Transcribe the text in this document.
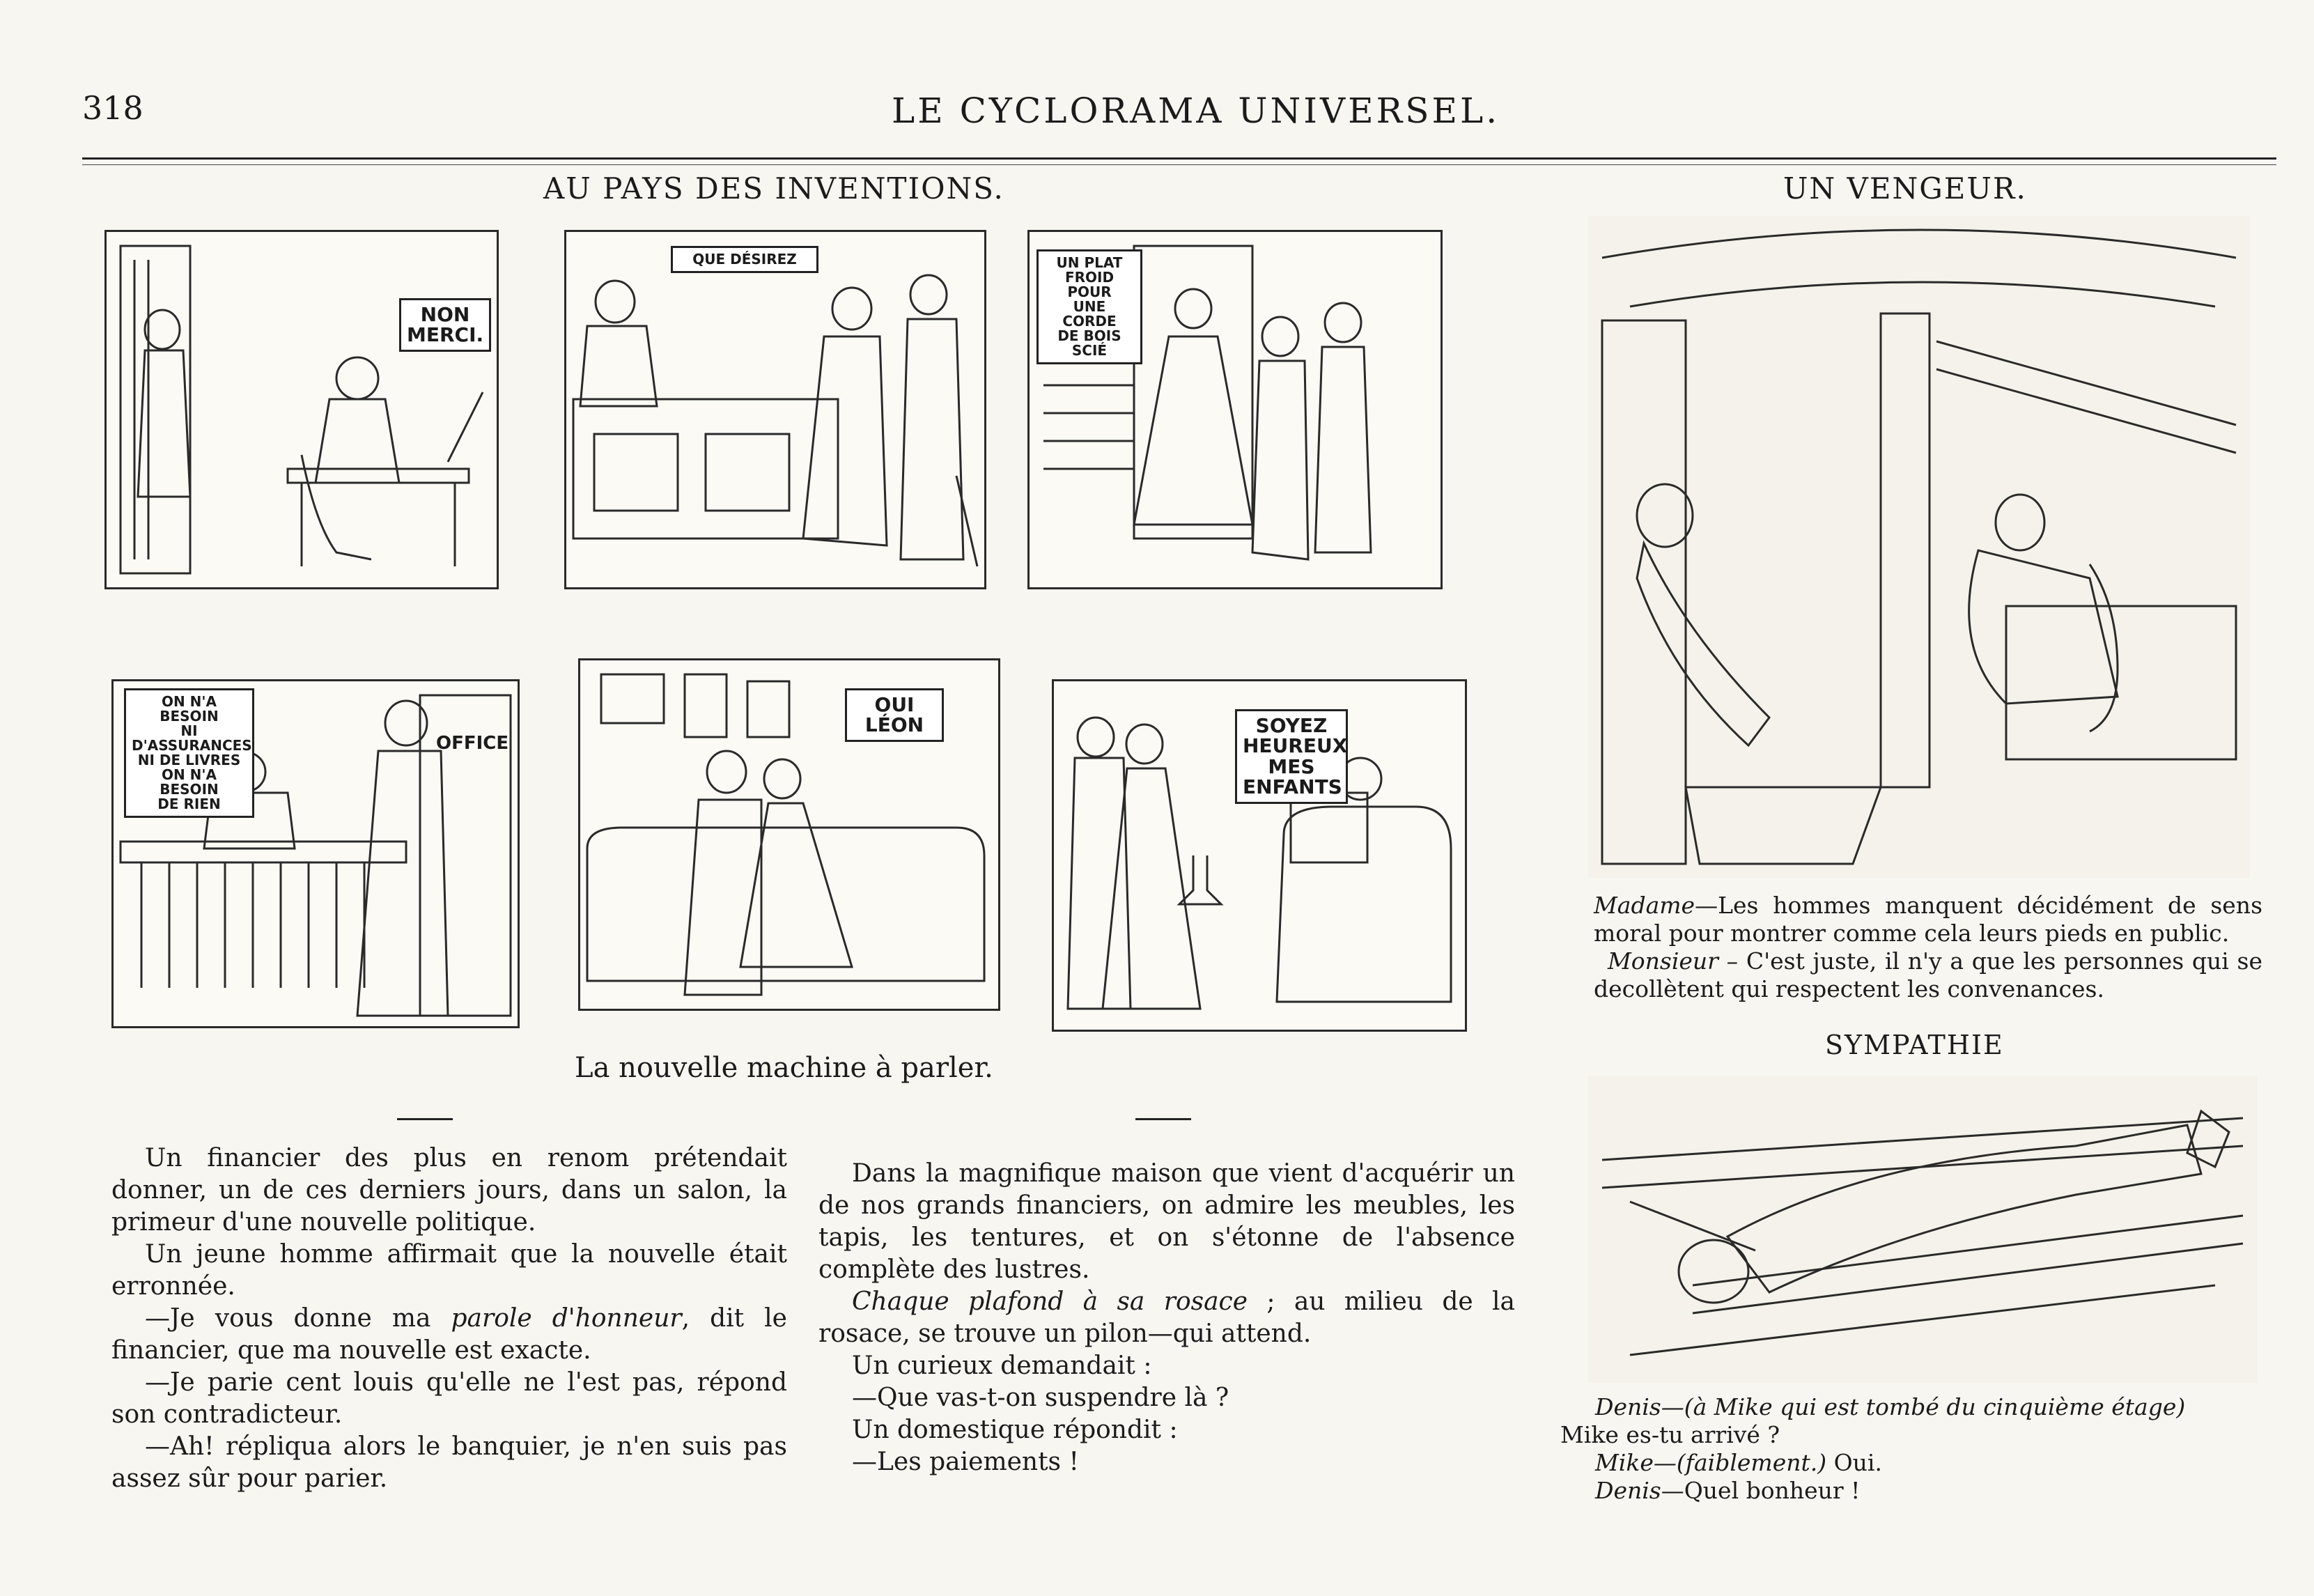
318	LE CYCLORAMA UNIVERSEL.
AU PAYS DES INVENTIONS.
NON
MERCI.
QUE DÉSIREZ	UN PLAT
FROID POUR
UNE CORDE
DE BOIS
SCIÉ
ON N'A BESOIN
NI D'ASSURANCES
NI DE LIVRES
ON N'A BESOIN
DE RIEN
OFFICE
OUI
LÉON	SOYEZ
HEUREUX
MES
ENFANTS
La nouvelle machine à parler.

Un financier des plus en renom prétendait donner, un de ces derniers jours, dans un salon, la primeur d'une nouvelle politique.

Un jeune homme affirmait que la nouvelle était erronnée.

—Je vous donne ma parole d'honneur, dit le financier, que ma nouvelle est exacte.

—Je parie cent louis qu'elle ne l'est pas, répond son contradicteur.

—Ah! répliqua alors le banquier, je n'en suis pas assez sûr pour parier.

Dans la magnifique maison que vient d'acquérir un de nos grands financiers, on admire les meubles, les tapis, les tentures, et on s'étonne de l'absence complète des lustres.

Chaque plafond à sa rosace ; au milieu de la rosace, se trouve un pilon—qui attend.

Un curieux demandait :

—Que vas-t-on suspendre là ?

Un domestique répondit :

—Les paiements !

UN VENGEUR.

Madame—Les hommes manquent décidément de sens moral pour montrer comme cela leurs pieds en public.

Monsieur – C'est juste, il n'y a que les personnes qui se decollètent qui respectent les convenances.

SYMPATHIE

Denis—(à Mike qui est tombé du cinquième étage)
Mike es-tu arrivé ?

Mike—(faiblement.) Oui.

Denis—Quel bonheur !
